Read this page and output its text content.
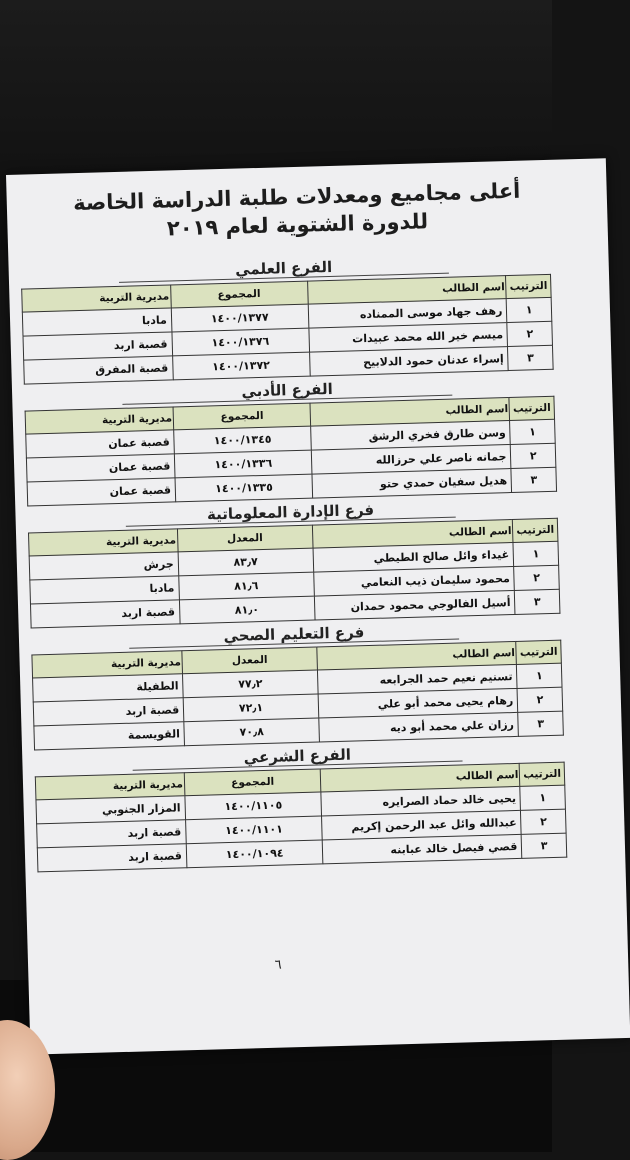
أعلى مجاميع ومعدلات طلبة الدراسة الخاصة
للدورة الشتوية لعام ٢٠١٩
الفرع العلمي
الترتيب	اسم الطالب	المجموع	مديرية التربية
١	رهف جهاد موسى الممناده	١٤٠٠/١٣٧٧	مادبا
٢	ميسم خير الله محمد عبيدات	١٤٠٠/١٣٧٦	قصبة اربد
٣	إسراء عدنان حمود الدلابيح	١٤٠٠/١٣٧٢	قصبة المفرق
الفرع الأدبي
الترتيب	اسم الطالب	المجموع	مديرية التربية
١	وسن طارق فخري الرشق	١٤٠٠/١٣٤٥	قصبة عمان
٢	جمانه ناصر علي حرزالله	١٤٠٠/١٣٣٦	قصبة عمان
٣	هديل سفيان حمدي حتو	١٤٠٠/١٣٣٥	قصبة عمان
فرع الإدارة المعلوماتية
الترتيب	اسم الطالب	المعدل	مديرية التربية
١	غيداء وائل صالح الطيطي	٨٣٫٧	جرش
٢	محمود سليمان ذيب النعامي	٨١٫٦	مادبا
٣	أسيل الفالوجي محمود حمدان	٨١٫٠	قصبة اربد
فرع التعليم الصحي
الترتيب	اسم الطالب	المعدل	مديرية التربية
١	تسنيم نعيم حمد الجرابعه	٧٧٫٢	الطفيلة
٢	رهام يحيى محمد أبو علي	٧٢٫١	قصبة اربد
٣	رزان علي محمد أبو ديه	٧٠٫٨	القويسمة
الفرع الشرعي
الترتيب	اسم الطالب	المجموع	مديرية التربية
١	يحيى خالد حماد الصرايره	١٤٠٠/١١٠٥	المزار الجنوبي
٢	عبدالله وائل عبد الرحمن إكريم	١٤٠٠/١١٠١	قصبة اربد
٣	قصي فيصل خالد عبابنه	١٤٠٠/١٠٩٤	قصبة اربد
٦
